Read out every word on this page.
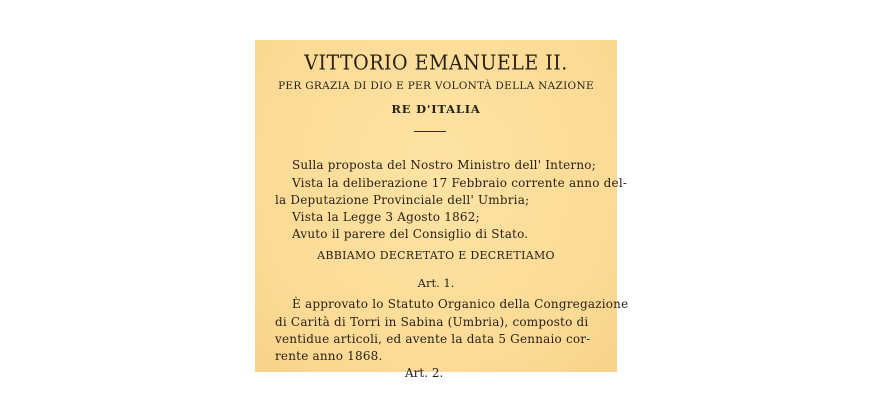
VITTORIO EMANUELE II.
PER GRAZIA DI DIO E PER VOLONTÀ DELLA NAZIONE
RE D'ITALIA
Sulla proposta del Nostro Ministro dell' Interno;
Vista la deliberazione 17 Febbraio corrente anno del-
la Deputazione Provinciale dell' Umbria;
Vista la Legge 3 Agosto 1862;
Avuto il parere del Consiglio di Stato.
ABBIAMO DECRETATO E DECRETIAMO
Art. 1.
È approvato lo Statuto Organico della Congregazione
di Carità di Torri in Sabina (Umbria), composto di
ventidue articoli, ed avente la data 5 Gennaio cor-
rente anno 1868.
Art. 2.
